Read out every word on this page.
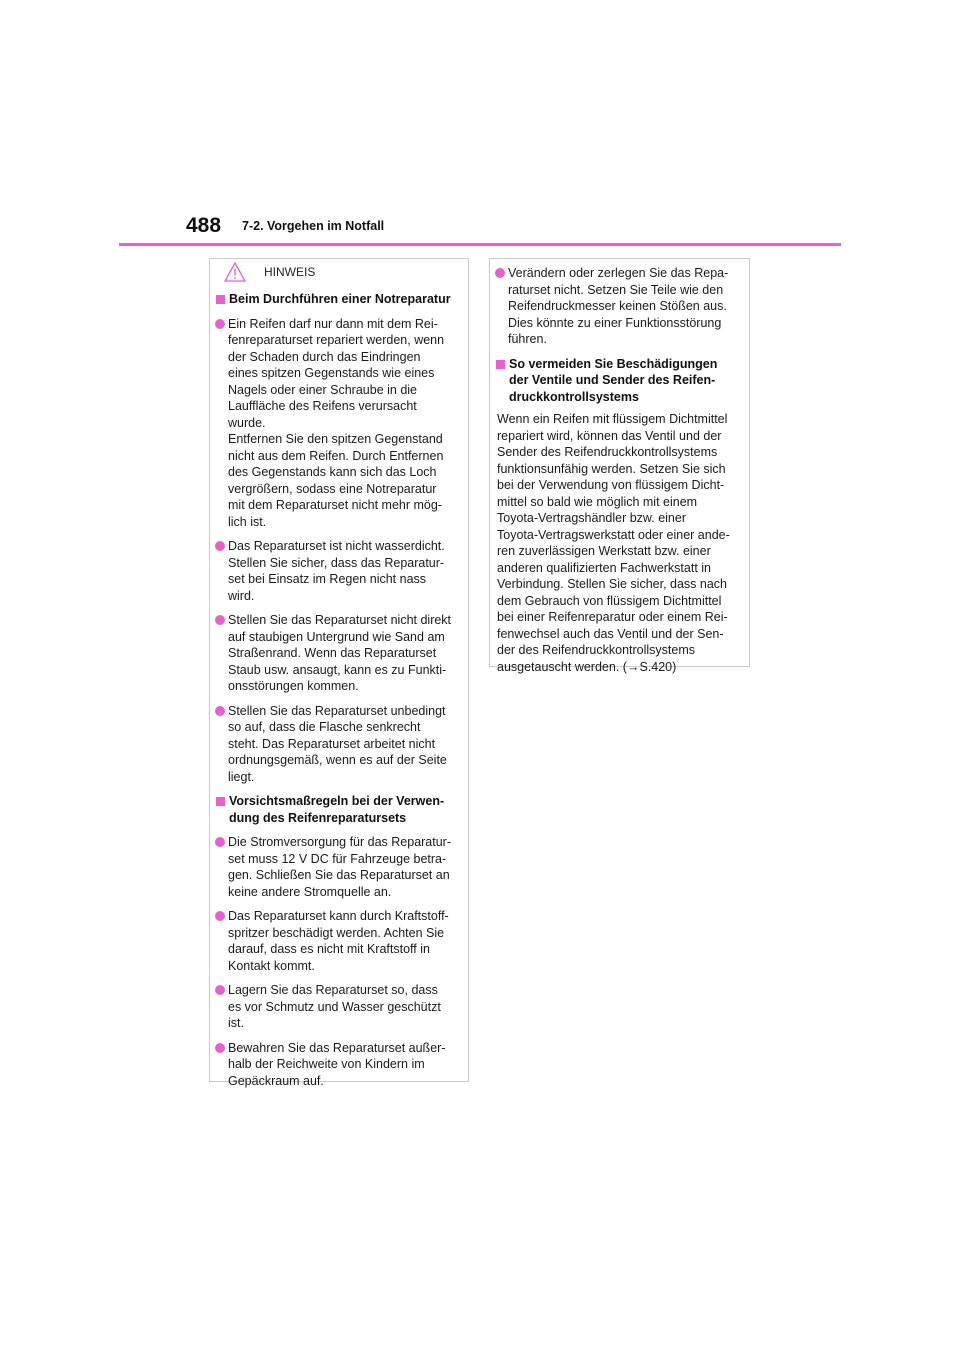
488 7-2. Vorgehen im Notfall
HINWEIS
Beim Durchführen einer Notreparatur
Ein Reifen darf nur dann mit dem Rei-
fenreparaturset repariert werden, wenn
der Schaden durch das Eindringen
eines spitzen Gegenstands wie eines
Nagels oder einer Schraube in die
Lauffläche des Reifens verursacht
wurde.
Entfernen Sie den spitzen Gegenstand
nicht aus dem Reifen. Durch Entfernen
des Gegenstands kann sich das Loch
vergrößern, sodass eine Notreparatur
mit dem Reparaturset nicht mehr mög-
lich ist.
Das Reparaturset ist nicht wasserdicht.
Stellen Sie sicher, dass das Reparatur-
set bei Einsatz im Regen nicht nass
wird.
Stellen Sie das Reparaturset nicht direkt
auf staubigen Untergrund wie Sand am
Straßenrand. Wenn das Reparaturset
Staub usw. ansaugt, kann es zu Funkti-
onsstörungen kommen.
Stellen Sie das Reparaturset unbedingt
so auf, dass die Flasche senkrecht
steht. Das Reparaturset arbeitet nicht
ordnungsgemäß, wenn es auf der Seite
liegt.
Vorsichtsmaßregeln bei der Verwen-
dung des Reifenreparatursets
Die Stromversorgung für das Reparatur-
set muss 12 V DC für Fahrzeuge betra-
gen. Schließen Sie das Reparaturset an
keine andere Stromquelle an.
Das Reparaturset kann durch Kraftstoff-
spritzer beschädigt werden. Achten Sie
darauf, dass es nicht mit Kraftstoff in
Kontakt kommt.
Lagern Sie das Reparaturset so, dass
es vor Schmutz und Wasser geschützt
ist.
Bewahren Sie das Reparaturset außer-
halb der Reichweite von Kindern im
Gepäckraum auf.
Verändern oder zerlegen Sie das Repa-
raturset nicht. Setzen Sie Teile wie den
Reifendruckmesser keinen Stößen aus.
Dies könnte zu einer Funktionsstörung
führen.
So vermeiden Sie Beschädigungen
der Ventile und Sender des Reifen-
druckkontrollsystems
Wenn ein Reifen mit flüssigem Dichtmittel
repariert wird, können das Ventil und der
Sender des Reifendruckkontrollsystems
funktionsunfähig werden. Setzen Sie sich
bei der Verwendung von flüssigem Dicht-
mittel so bald wie möglich mit einem
Toyota-Vertragshändler bzw. einer
Toyota-Vertragswerkstatt oder einer ande-
ren zuverlässigen Werkstatt bzw. einer
anderen qualifizierten Fachwerkstatt in
Verbindung. Stellen Sie sicher, dass nach
dem Gebrauch von flüssigem Dichtmittel
bei einer Reifenreparatur oder einem Rei-
fenwechsel auch das Ventil und der Sen-
der des Reifendruckkontrollsystems
ausgetauscht werden. (→S.420)
